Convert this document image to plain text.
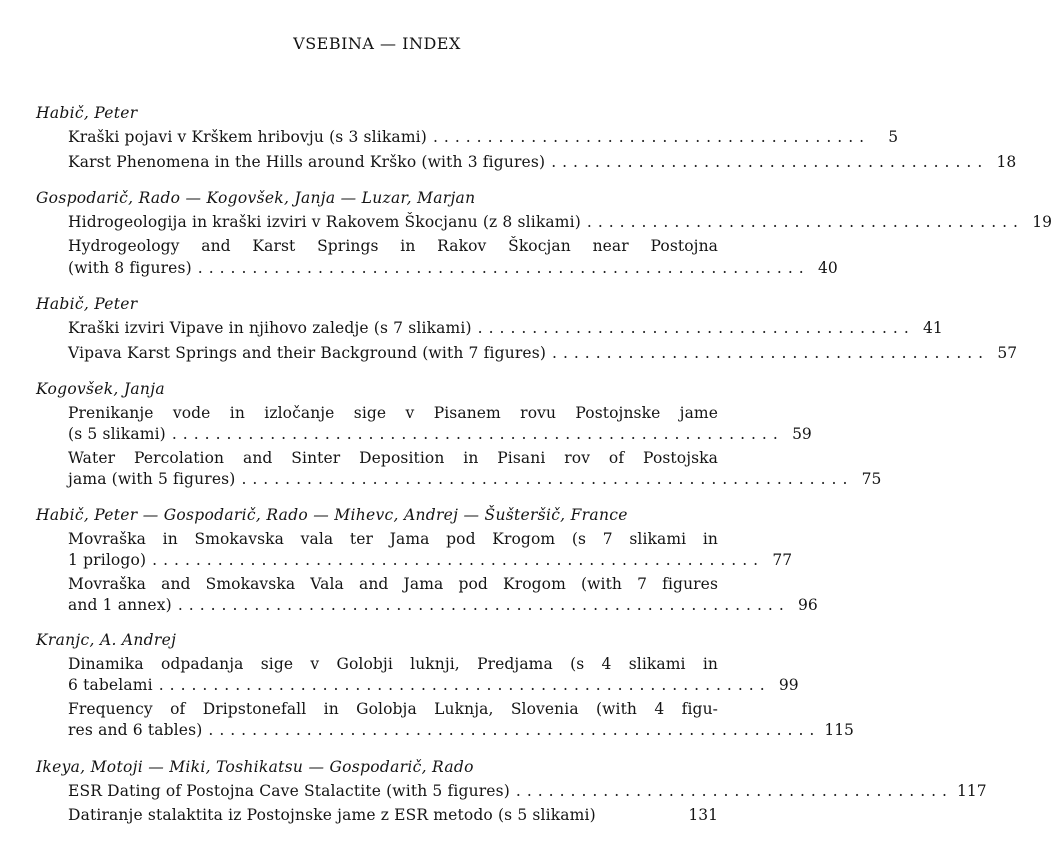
VSEBINA — INDEX
Habič, Peter
Kraški pojavi v Krškem hribovju (s 3 slikami) ........................................	5
Karst Phenomena in the Hills around Krško (with 3 figures) ........................................ 18
Gospodarič, Rado — Kogovšek, Janja — Luzar, Marjan
Hidrogeologija in kraški izviri v Rakovem Škocjanu (z 8 slikami) ........................................ 19
Hydrogeology and Karst Springs in Rakov Škocjan near Postojna
(with 8 figures) ........................................................ 40
Habič, Peter
Kraški izviri Vipave in njihovo zaledje (s 7 slikami) ........................................ 41
Vipava Karst Springs and their Background (with 7 figures) ........................................ 57
Kogovšek, Janja
Prenikanje vode in izločanje sige v Pisanem rovu Postojnske jame
(s 5 slikami) ........................................................ 59
Water Percolation and Sinter Deposition in Pisani rov of Postojska
jama (with 5 figures) ........................................................ 75
Habič, Peter — Gospodarič, Rado — Mihevc, Andrej — Šušteršič, France
Movraška in Smokavska vala ter Jama pod Krogom (s 7 slikami in
1 prilogo) ........................................................ 77
Movraška and Smokavska Vala and Jama pod Krogom (with 7 figures
and 1 annex) ........................................................ 96
Kranjc, A. Andrej
Dinamika odpadanja sige v Golobji luknji, Predjama (s 4 slikami in
6 tabelami ........................................................ 99
Frequency of Dripstonefall in Golobja Luknja, Slovenia (with 4 figu-
res and 6 tables) ........................................................ 115
Ikeya, Motoji — Miki, Toshikatsu — Gospodarič, Rado
ESR Dating of Postojna Cave Stalactite (with 5 figures) ........................................ 117
Datiranje stalaktita iz Postojnske jame z ESR metodo (s 5 slikami)	131
